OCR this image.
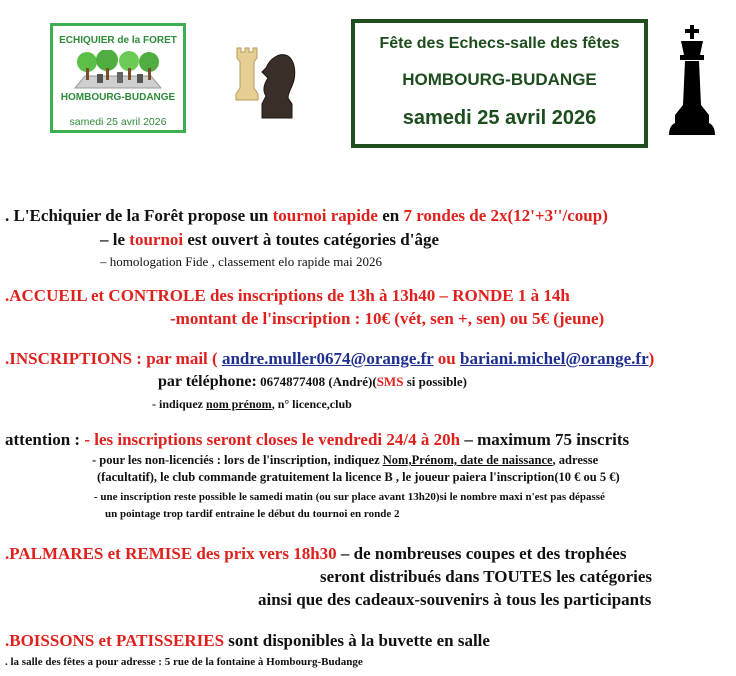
ECHIQUIER de la FORET
HOMBOURG-BUDANGE
samedi 25 avril 2026
Fête des Echecs-salle des fêtes
HOMBOURG-BUDANGE
samedi 25 avril 2026
. L'Echiquier de la Forêt propose un tournoi rapide en 7 rondes de 2x(12'+3''/coup)
– le tournoi est ouvert à toutes catégories d'âge
– homologation Fide , classement elo rapide mai 2026
.ACCUEIL et CONTROLE des inscriptions de 13h à 13h40 – RONDE 1 à 14h
-montant de l'inscription : 10€ (vét, sen +, sen) ou 5€ (jeune)
.INSCRIPTIONS : par mail ( andre.muller0674@orange.fr ou bariani.michel@orange.fr)
par téléphone: 0674877408 (André)(SMS si possible)
- indiquez nom prénom, n° licence,club
attention : - les inscriptions seront closes le vendredi 24/4 à 20h – maximum 75 inscrits
- pour les non-licenciés : lors de l'inscription, indiquez Nom,Prénom, date de naissance, adresse
(facultatif), le club commande gratuitement la licence B , le joueur paiera l'inscription(10 € ou 5 €)
- une inscription reste possible le samedi matin (ou sur place avant 13h20)si le nombre maxi n'est pas dépassé
un pointage trop tardif entraine le début du tournoi en ronde 2
.PALMARES et REMISE des prix vers 18h30 – de nombreuses coupes et des trophées
seront distribués dans TOUTES les catégories
ainsi que des cadeaux-souvenirs à tous les participants
.BOISSONS et PATISSERIES sont disponibles à la buvette en salle
. la salle des fêtes a pour adresse : 5 rue de la fontaine à Hombourg-Budange
